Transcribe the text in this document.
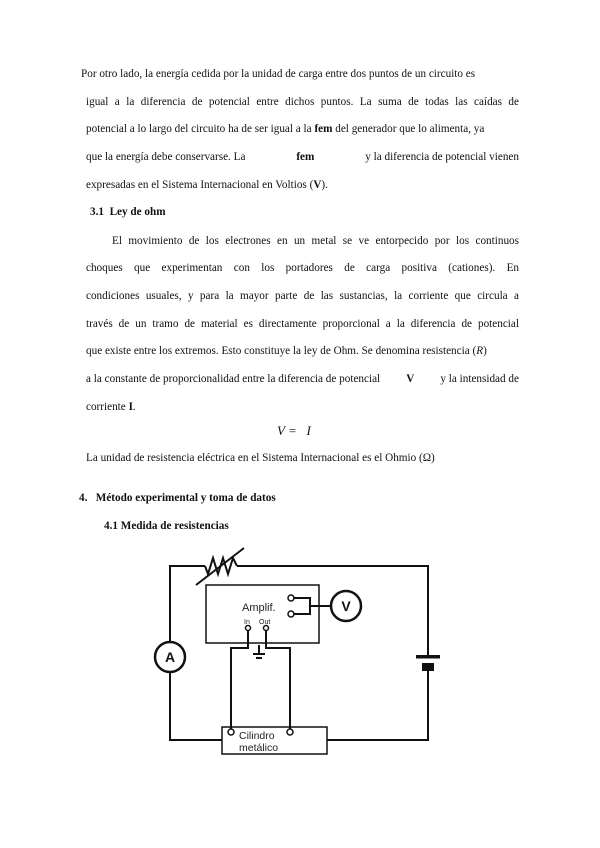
Por otro lado, la energía cedida por la unidad de carga entre dos puntos de un circuito es
igual a la diferencia de potencial entre dichos puntos. La suma de todas las caídas de
potencial a lo largo del circuito ha de ser igual a la fem del generador que lo alimenta, ya
que la energía debe conservarse. La	fem	y la diferencia de potencial vienen
expresadas en el Sistema Internacional en Voltios (V).
3.1 Ley de ohm
El movimiento de los electrones en un metal se ve entorpecido por los continuos
choques que experimentan con los portadores de carga positiva (cationes). En
condiciones usuales, y para la mayor parte de las sustancias, la corriente que circula a
través de un tramo de material es directamente proporcional a la diferencia de potencial
que existe entre los extremos. Esto constituye la ley de Ohm. Se denomina resistencia (R)
a la constante de proporcionalidad entre la diferencia de potencial V y la intensidad de
corriente I.
V = I
La unidad de resistencia eléctrica en el Sistema Internacional es el Ohmio (Ω)
4. Método experimental y toma de datos
4.1 Medida de resistencias
Amplif.
In Out
V
A
Cilindro
metálico
